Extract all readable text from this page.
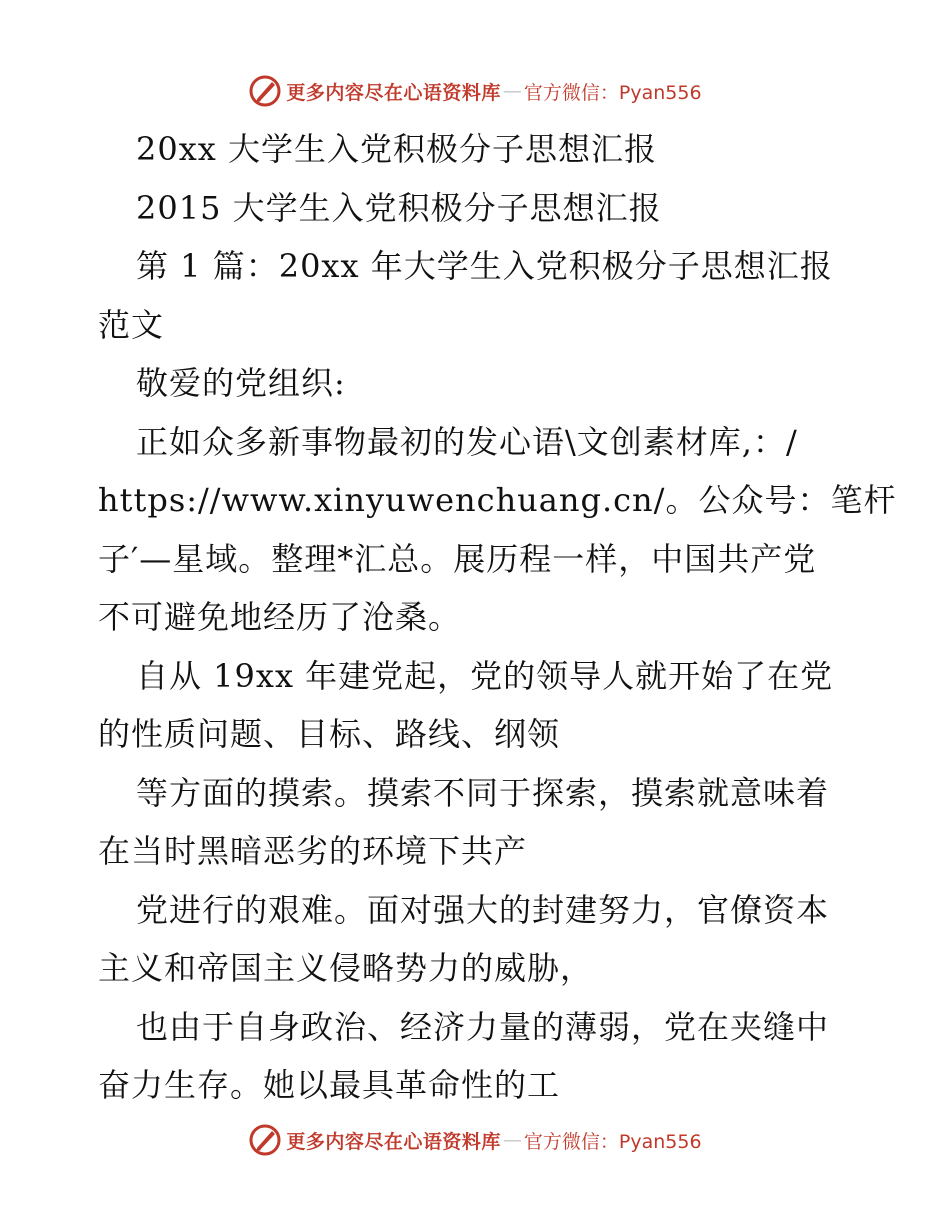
更多内容尽在心语资料库 — 官方微信：Pyan556
20xx 大学生入党积极分子思想汇报
2015 大学生入党积极分子思想汇报
第 1 篇：20xx 年大学生入党积极分子思想汇报
范文
敬爱的党组织:
正如众多新事物最初的发心语\文创素材库,：/
https://www.xinyuwenchuang.cn/。公众号：笔杆
子′—星域。整理*汇总。展历程一样，中国共产党
不可避免地经历了沧桑。
自从 19xx 年建党起，党的领导人就开始了在党
的性质问题、目标、路线、纲领
等方面的摸索。摸索不同于探索，摸索就意味着
在当时黑暗恶劣的环境下共产
党进行的艰难。面对强大的封建努力，官僚资本
主义和帝国主义侵略势力的威胁，
也由于自身政治、经济力量的薄弱，党在夹缝中
奋力生存。她以最具革命性的工
更多内容尽在心语资料库 — 官方微信：Pyan556
